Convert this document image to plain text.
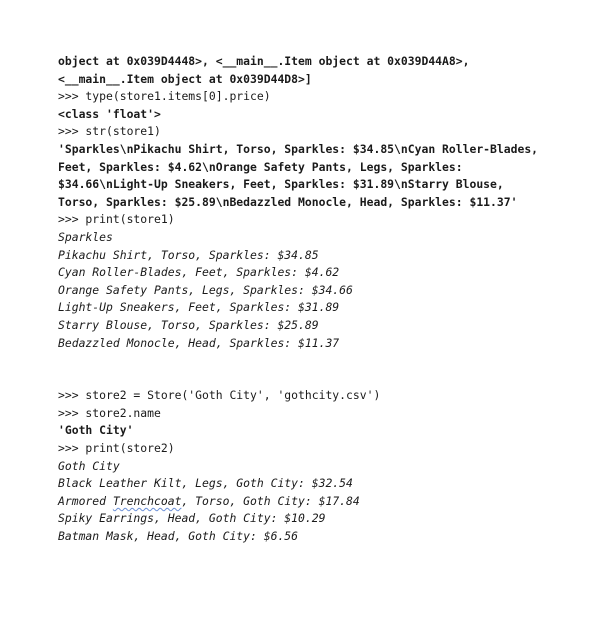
object at 0x039D4448>, <__main__.Item object at 0x039D44A8>,
<__main__.Item object at 0x039D44D8>]
>>> type(store1.items[0].price)
<class 'float'>
>>> str(store1)
'Sparkles\nPikachu Shirt, Torso, Sparkles: $34.85\nCyan Roller-Blades,
Feet, Sparkles: $4.62\nOrange Safety Pants, Legs, Sparkles:
$34.66\nLight-Up Sneakers, Feet, Sparkles: $31.89\nStarry Blouse,
Torso, Sparkles: $25.89\nBedazzled Monocle, Head, Sparkles: $11.37'
>>> print(store1)
Sparkles
Pikachu Shirt, Torso, Sparkles: $34.85
Cyan Roller-Blades, Feet, Sparkles: $4.62
Orange Safety Pants, Legs, Sparkles: $34.66
Light-Up Sneakers, Feet, Sparkles: $31.89
Starry Blouse, Torso, Sparkles: $25.89
Bedazzled Monocle, Head, Sparkles: $11.37
>>> store2 = Store('Goth City', 'gothcity.csv')
>>> store2.name
'Goth City'
>>> print(store2)
Goth City
Black Leather Kilt, Legs, Goth City: $32.54
Armored Trenchcoat, Torso, Goth City: $17.84
Spiky Earrings, Head, Goth City: $10.29
Batman Mask, Head, Goth City: $6.56
